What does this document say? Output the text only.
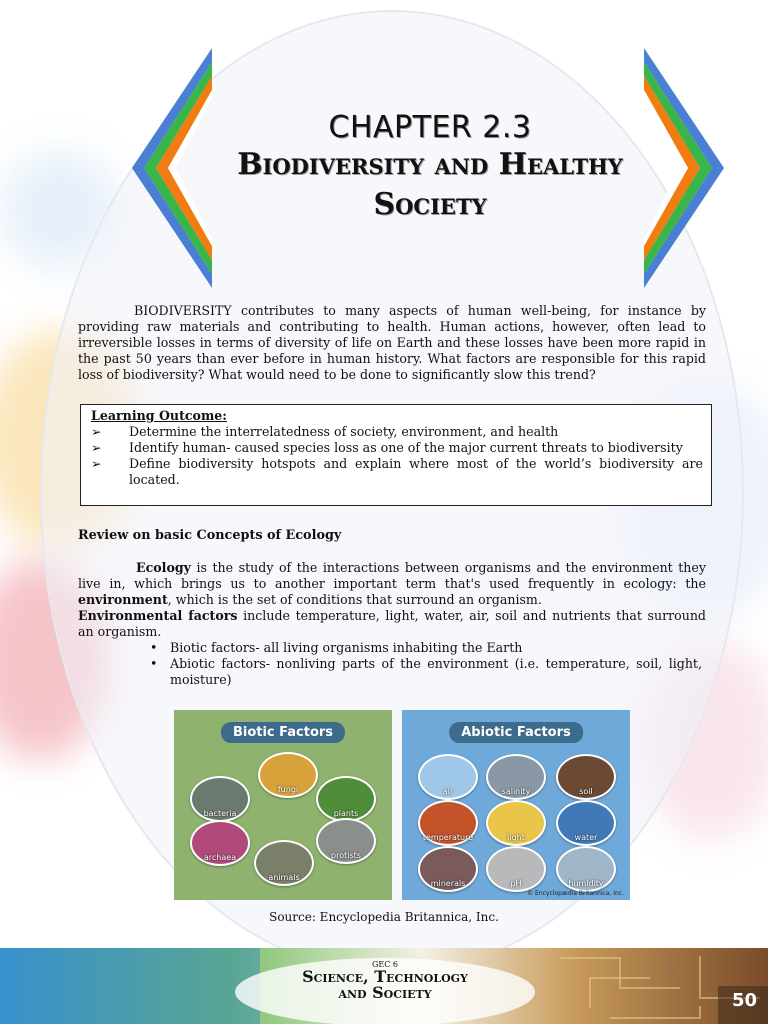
CHAPTER 2.3
Biodiversity and Healthy
Society

BIODIVERSITY contributes to many aspects of human well-being, for instance by providing raw materials and contributing to health. Human actions, however, often lead to irreversible losses in terms of diversity of life on Earth and these losses have been more rapid in the past 50 years than ever before in human history. What factors are responsible for this rapid loss of biodiversity? What would need to be done to significantly slow this trend?

Learning Outcome:
➢	Determine the interrelatedness of society, environment, and health
➢	Identify human- caused species loss as one of the major current threats to biodiversity
➢	Define biodiversity hotspots and explain where most of the world’s biodiversity are located.
Review on basic Concepts of Ecology

Ecology is the study of the interactions between organisms and the environment they live in, which brings us to another important term that's used frequently in ecology: the environment, which is the set of conditions that surround an organism.
Environmental factors include temperature, light, water, air, soil and nutrients that surround an organism.

• Biotic factors- all living organisms inhabiting the Earth
• Abiotic factors- nonliving parts of the environment (i.e. temperature, soil, light, moisture)
Biotic Factors
fungi
bacteria	plants
archaea	protists
animals
Abiotic Factors
air	salinity	soil
temperature	light	water
minerals	pH	humidity
© Encyclopædia Britannica, Inc.
Source: Encyclopedia Britannica, Inc.
GEC 6
Science, Technology
and Society
53
50
